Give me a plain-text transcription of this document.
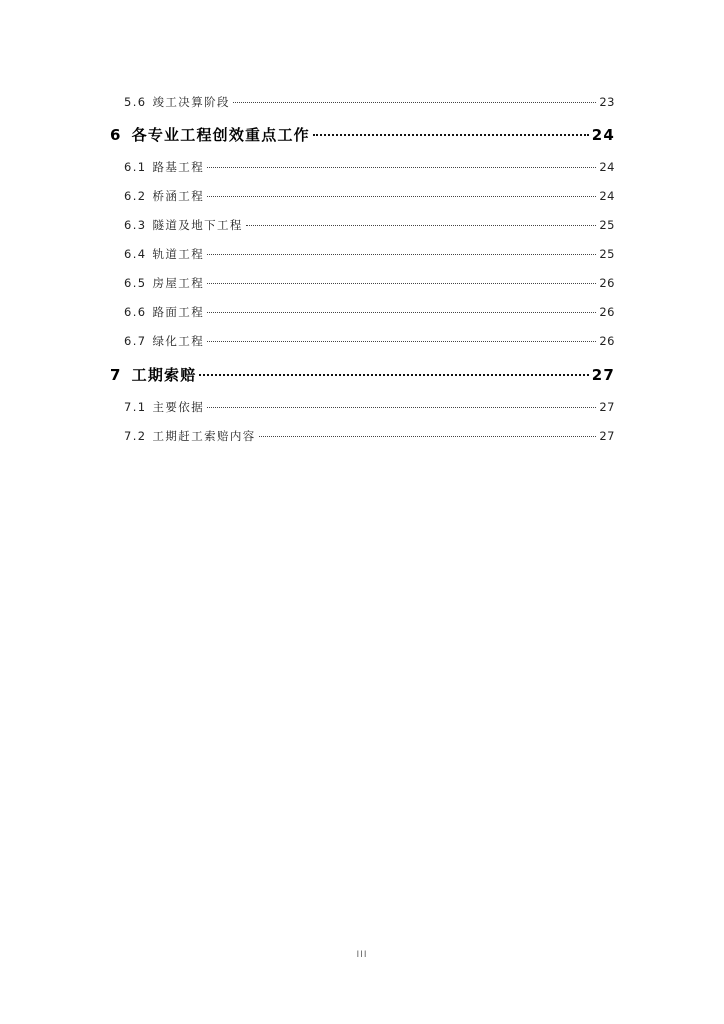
5.6 竣工决算阶段	23
6 各专业工程创效重点工作	24
6.1 路基工程	24
6.2 桥涵工程	24
6.3 隧道及地下工程	25
6.4 轨道工程	25
6.5 房屋工程	26
6.6 路面工程	26
6.7 绿化工程	26
7 工期索赔	27
7.1 主要依据	27
7.2 工期赶工索赔内容	27
III
